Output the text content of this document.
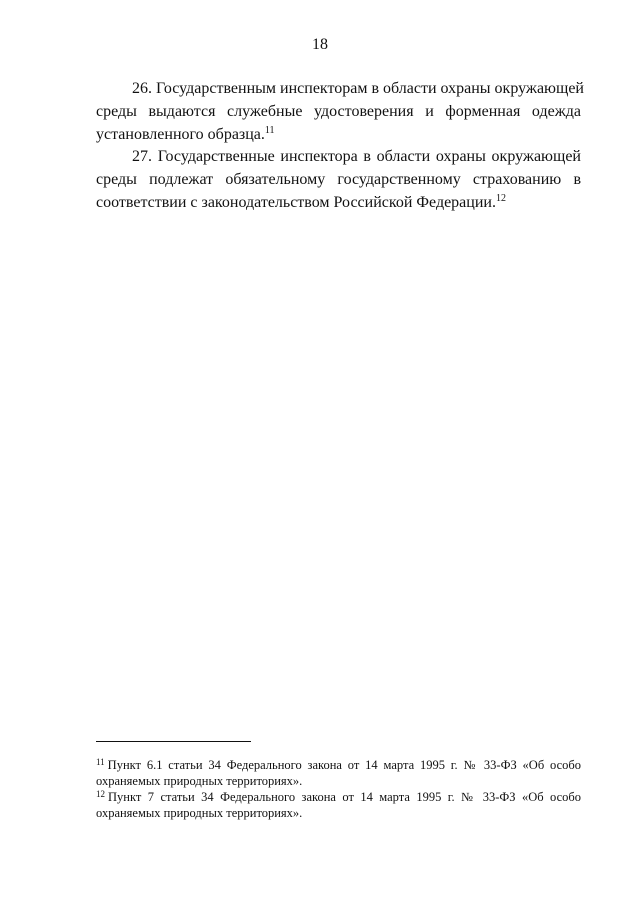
18

26. Государственным инспекторам в области охраны окружающей
среды выдаются служебные удостоверения и форменная одежда
установленного образца.$^{11}$

27. Государственные инспектора в области охраны окружающей
среды подлежат обязательному государственному страхованию в
соответствии с законодательством Российской Федерации.$^{12}$

$^{11}$ Пункт 6.1 статьи 34 Федерального закона от 14 марта 1995 г. № 33-ФЗ «Об особо
охраняемых природных территориях».

$^{12}$ Пункт 7 статьи 34 Федерального закона от 14 марта 1995 г. № 33-ФЗ «Об особо
охраняемых природных территориях».
